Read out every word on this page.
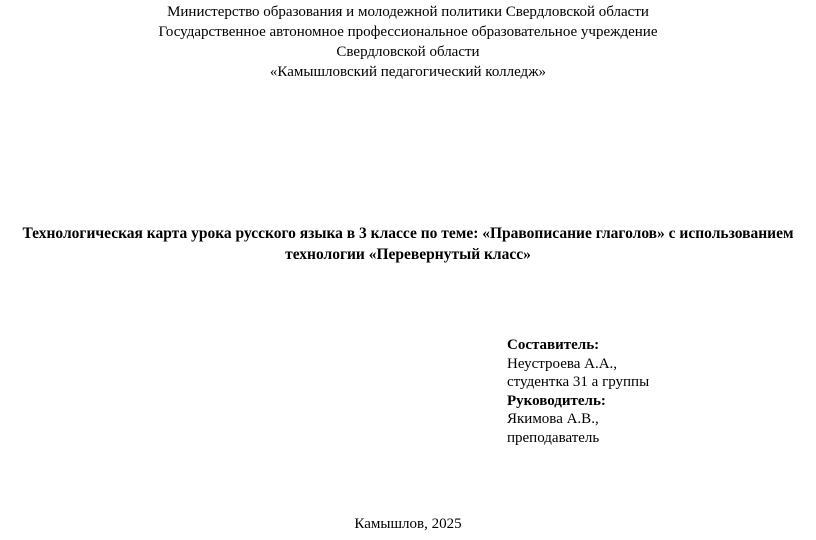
Министерство образования и молодежной политики Свердловской области
Государственное автономное профессиональное образовательное учреждение
Свердловской области
«Камышловский педагогический колледж»
Технологическая карта урока русского языка в 3 классе по теме: «Правописание глаголов» с использованием
технологии «Перевернутый класс»
Составитель:
Неустроева А.А.,
студентка 31 а группы
Руководитель:
Якимова А.В.,
преподаватель
Камышлов, 2025
